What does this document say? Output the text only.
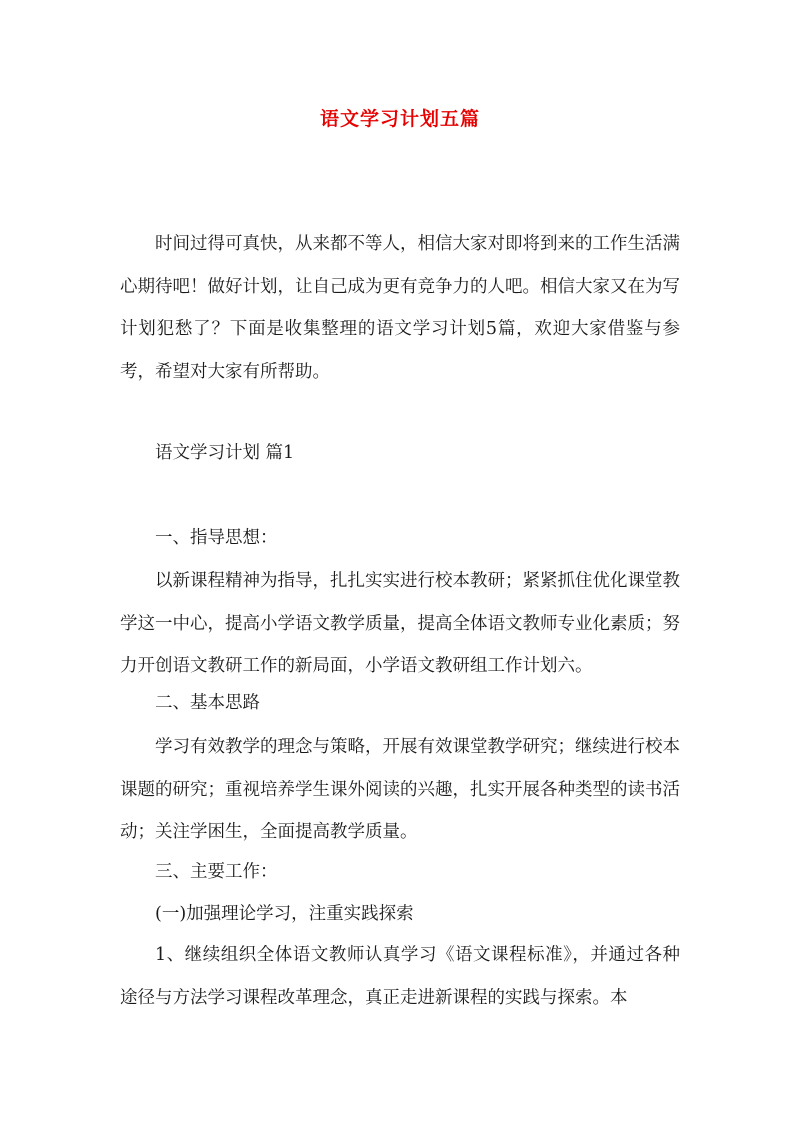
语文学习计划五篇
时间过得可真快，从来都不等人，相信大家对即将到来的工作生活满心期待吧！做好计划，让自己成为更有竞争力的人吧。相信大家又在为写计划犯愁了？下面是收集整理的语文学习计划5篇，欢迎大家借鉴与参考，希望对大家有所帮助。
语文学习计划 篇1
一、指导思想：
以新课程精神为指导，扎扎实实进行校本教研；紧紧抓住优化课堂教学这一中心，提高小学语文教学质量，提高全体语文教师专业化素质；努力开创语文教研工作的新局面，小学语文教研组工作计划六。
二、基本思路
学习有效教学的理念与策略，开展有效课堂教学研究；继续进行校本课题的研究；重视培养学生课外阅读的兴趣，扎实开展各种类型的读书活动；关注学困生，全面提高教学质量。
三、主要工作：
(一)加强理论学习，注重实践探索
1、继续组织全体语文教师认真学习《语文课程标准》，并通过各种途径与方法学习课程改革理念，真正走进新课程的实践与探索。本
